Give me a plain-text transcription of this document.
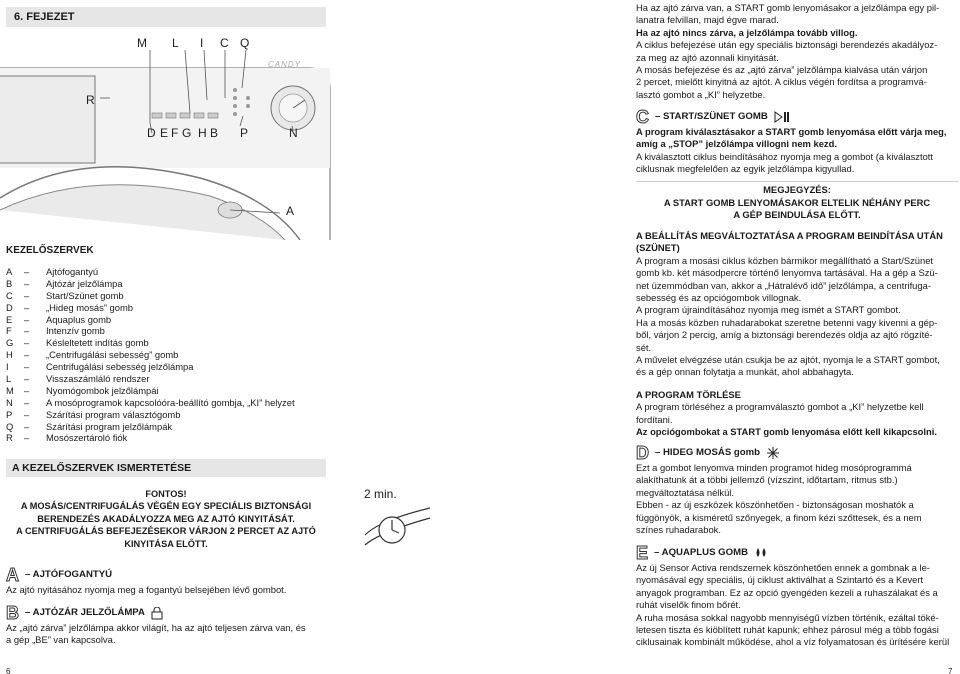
6. FEJEZET
M L I C Q
R
D E F G H B P	N
A
CANDY
KEZELŐSZERVEK
A	–	Ajtófogantyú
B	–	Ajtózár jelzőlámpa
C	–	Start/Szünet gomb
D	–	„Hideg mosás” gomb
E	–	Aquaplus gomb
F	–	Intenzív gomb
G	–	Késleltetett indítás gomb
H	–	„Centrifugálási sebesség” gomb
I	–	Centrifugálási sebesség jelzőlámpa
L	–	Visszaszámláló rendszer
M	–	Nyomógombok jelzőlámpái
N	–	A mosóprogramok kapcsolóóra-beállító gombja, „KI” helyzet
P	–	Szárítási program választógomb
Q	–	Szárítási program jelzőlámpák
R	–	Mosószertároló fiók
A KEZELŐSZERVEK ISMERTETÉSE
FONTOS!
A MOSÁS/CENTRIFUGÁLÁS VÉGÉN EGY SPECIÁLIS BIZTONSÁGI
BERENDEZÉS AKADÁLYOZZA MEG AZ AJTÓ KINYITÁSÁT.
A CENTRIFUGÁLÁS BEFEJEZÉSEKOR VÁRJON 2 PERCET AZ AJTÓ
KINYITÁSA ELŐTT.
A – AJTÓFOGANTYÚ
Az ajtó nyitásához nyomja meg a fogantyú belsejében lévő gombot.
B – AJTÓZÁR JELZŐLÁMPA
Az „ajtó zárva” jelzőlámpa akkor világít, ha az ajtó teljesen zárva van, és
a gép „BE” van kapcsolva.
2 min.
Ha az ajtó zárva van, a START gomb lenyomásakor a jelzőlámpa egy pil-
lanatra felvillan, majd égve marad.
Ha az ajtó nincs zárva, a jelzőlámpa tovább villog.
A ciklus befejezése után egy speciális biztonsági berendezés akadályoz-
za meg az ajtó azonnali kinyitását.
A mosás befejezése és az „ajtó zárva” jelzőlámpa kialvása után várjon
2 percet, mielőtt kinyitná az ajtót. A ciklus végén fordítsa a programvá-
lasztó gombot a „KI” helyzetbe.
C – START/SZÜNET GOMB
A program kiválasztásakor a START gomb lenyomása előtt várja meg,
amíg a „STOP” jelzőlámpa villogni nem kezd.
A kiválasztott ciklus beindításához nyomja meg a gombot (a kiválasztott
ciklusnak megfelelően az egyik jelzőlámpa kigyullad.
MEGJEGYZÉS:
A START GOMB LENYOMÁSAKOR ELTELIK NÉHÁNY PERC
A GÉP BEINDULÁSA ELŐTT.
A BEÁLLÍTÁS MEGVÁLTOZTATÁSA A PROGRAM BEINDÍTÁSA UTÁN
(SZÜNET)
A program a mosási ciklus közben bármikor megállítható a Start/Szünet
gomb kb. két másodpercre történő lenyomva tartásával. Ha a gép a Szü-
net üzemmódban van, akkor a „Hátralévő idő” jelzőlámpa, a centrifuga-
sebesség és az opciógombok villognak.
A program újraindításához nyomja meg ismét a START gombot.
Ha a mosás közben ruhadarabokat szeretne betenni vagy kivenni a gép-
ből, várjon 2 percig, amíg a biztonsági berendezés oldja az ajtó rögzíté-
sét.
A művelet elvégzése után csukja be az ajtót, nyomja le a START gombot,
és a gép onnan folytatja a munkát, ahol abbahagyta.
A PROGRAM TÖRLÉSE
A program törléséhez a programválasztó gombot a „KI” helyzetbe kell
fordítani.
Az opciógombokat a START gomb lenyomása előtt kell kikapcsolni.
D – HIDEG MOSÁS gomb
Ezt a gombot lenyomva minden programot hideg mosóprogrammá
alakíthatunk át a többi jellemző (vízszint, időtartam, ritmus stb.)
megváltoztatása nélkül.
Ebben - az új eszközek köszönhetően - biztonságosan moshatók a
függönyök, a kisméretű szőnyegek, a finom kézi szőttesek, és a nem
színes ruhadarabok.
E – AQUAPLUS GOMB
Az új Sensor Activa rendszernek köszönhetően ennek a gombnak a le-
nyomásával egy speciális, új ciklust aktiválhat a Szintartó és a Kevert
anyagok programban. Ez az opció gyengéden kezeli a ruhaszálakat és a
ruhát viselők finom bőrét.
A ruha mosása sokkal nagyobb mennyiségű vízben történik, ezáltal töké-
letesen tiszta és kiöblített ruhát kapunk; ehhez párosul még a több fogási
ciklusainak kombinált működése, ahol a víz folyamatosan és ürítésére kerül
6	7
